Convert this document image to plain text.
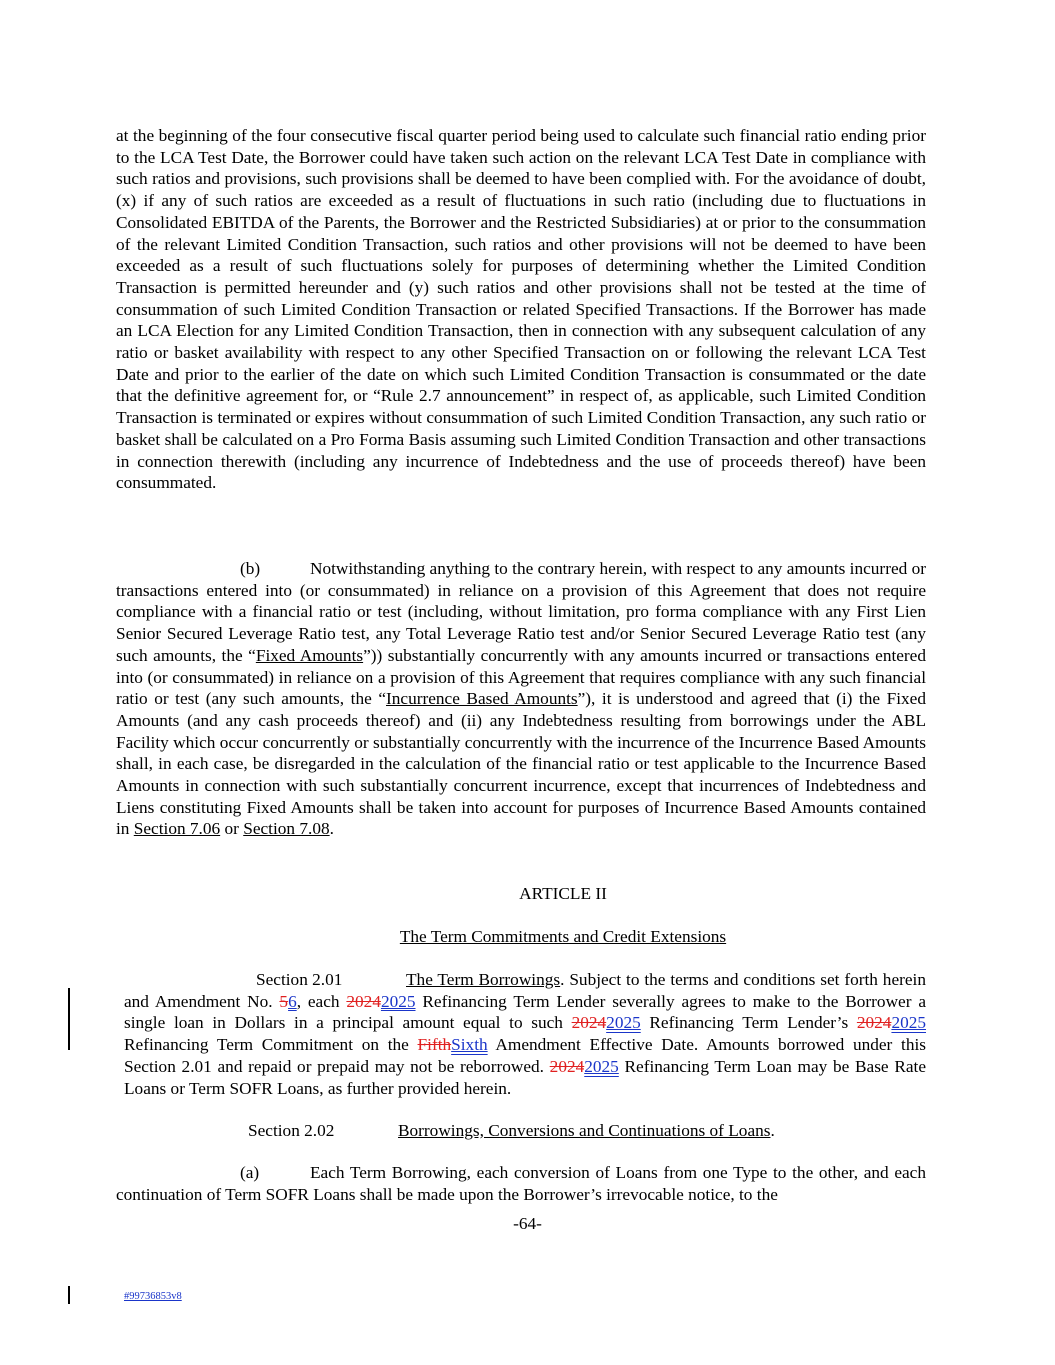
at the beginning of the four consecutive fiscal quarter period being used to calculate such financial ratio ending prior to the LCA Test Date, the Borrower could have taken such action on the relevant LCA Test Date in compliance with such ratios and provisions, such provisions shall be deemed to have been complied with. For the avoidance of doubt, (x) if any of such ratios are exceeded as a result of fluctuations in such ratio (including due to fluctuations in Consolidated EBITDA of the Parents, the Borrower and the Restricted Subsidiaries) at or prior to the consummation of the relevant Limited Condition Transaction, such ratios and other provisions will not be deemed to have been exceeded as a result of such fluctuations solely for purposes of determining whether the Limited Condition Transaction is permitted hereunder and (y) such ratios and other provisions shall not be tested at the time of consummation of such Limited Condition Transaction or related Specified Transactions. If the Borrower has made an LCA Election for any Limited Condition Transaction, then in connection with any subsequent calculation of any ratio or basket availability with respect to any other Specified Transaction on or following the relevant LCA Test Date and prior to the earlier of the date on which such Limited Condition Transaction is consummated or the date that the definitive agreement for, or “Rule 2.7 announcement” in respect of, as applicable, such Limited Condition Transaction is terminated or expires without consummation of such Limited Condition Transaction, any such ratio or basket shall be calculated on a Pro Forma Basis assuming such Limited Condition Transaction and other transactions in connection therewith (including any incurrence of Indebtedness and the use of proceeds thereof) have been consummated.

(b)	Notwithstanding anything to the contrary herein, with respect to any amounts incurred or transactions entered into (or consummated) in reliance on a provision of this Agreement that does not require compliance with a financial ratio or test (including, without limitation, pro forma compliance with any First Lien Senior Secured Leverage Ratio test, any Total Leverage Ratio test and/or Senior Secured Leverage Ratio test (any such amounts, the “Fixed Amounts”)) substantially concurrently with any amounts incurred or transactions entered into (or consummated) in reliance on a provision of this Agreement that requires compliance with any such financial ratio or test (any such amounts, the “Incurrence Based Amounts”), it is understood and agreed that (i) the Fixed Amounts (and any cash proceeds thereof) and (ii) any Indebtedness resulting from borrowings under the ABL Facility which occur concurrently or substantially concurrently with the incurrence of the Incurrence Based Amounts shall, in each case, be disregarded in the calculation of the financial ratio or test applicable to the Incurrence Based Amounts in connection with such substantially concurrent incurrence, except that incurrences of Indebtedness and Liens constituting Fixed Amounts shall be taken into account for purposes of Incurrence Based Amounts contained in Section 7.06 or Section 7.08.

ARTICLE II
The Term Commitments and Credit Extensions

Section 2.01	The Term Borrowings. Subject to the terms and conditions set forth herein and Amendment No. 56, each 20242025 Refinancing Term Lender severally agrees to make to the Borrower a single loan in Dollars in a principal amount equal to such 20242025 Refinancing Term Lender’s 20242025 Refinancing Term Commitment on the FifthSixth Amendment Effective Date. Amounts borrowed under this Section 2.01 and repaid or prepaid may not be reborrowed. 20242025 Refinancing Term Loan may be Base Rate Loans or Term SOFR Loans, as further provided herein.

Section 2.02	Borrowings, Conversions and Continuations of Loans.

(a)	Each Term Borrowing, each conversion of Loans from one Type to the other, and each continuation of Term SOFR Loans shall be made upon the Borrower’s irrevocable notice, to the

-64-
#99736853v8
